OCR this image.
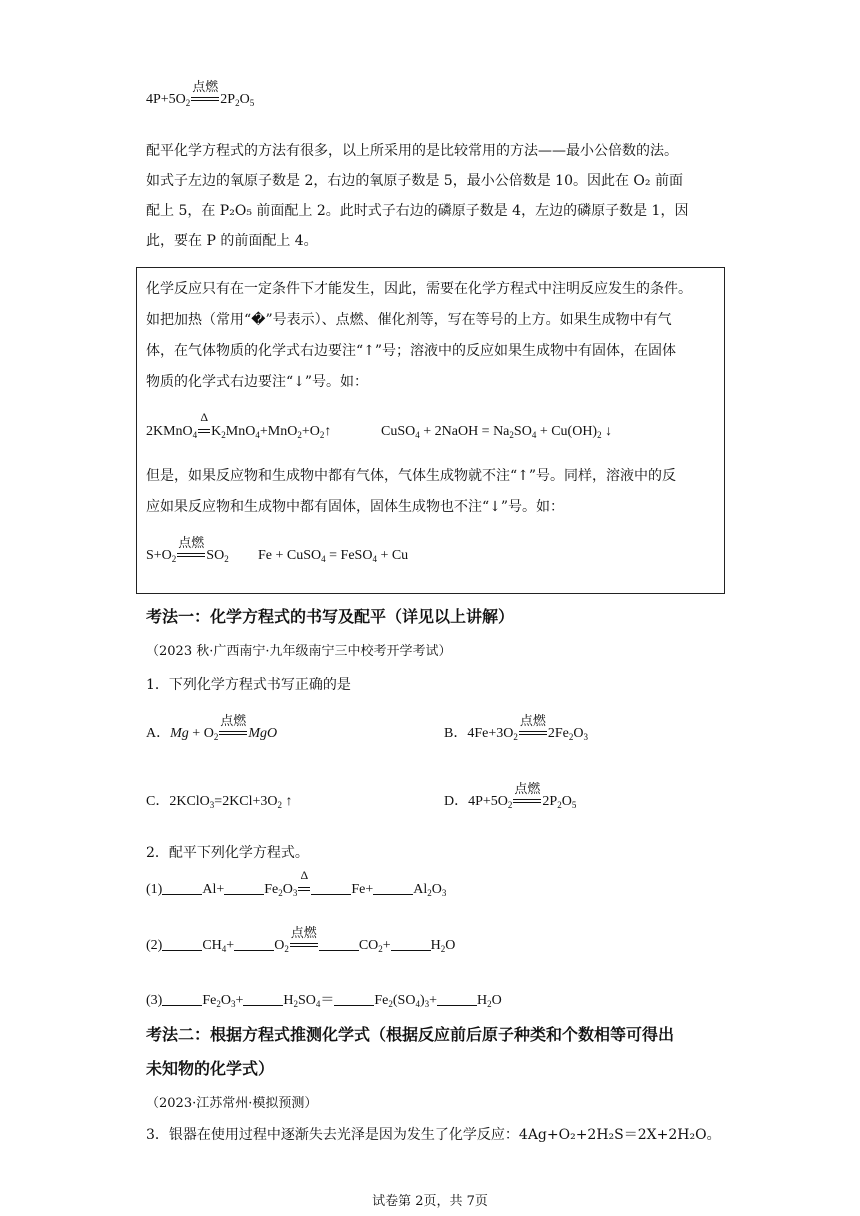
$4P+5O_2$
点燃
$2P_2O_5$
配平化学方程式的方法有很多，以上所采用的是比较常用的方法——最小公倍数的法。
如式子左边的氧原子数是 2，右边的氧原子数是 5，最小公倍数是 10。因此在 O₂ 前面
配上 5，在 P₂O₅ 前面配上 2。此时式子右边的磷原子数是 4，左边的磷原子数是 1，因
此，要在 P 的前面配上 4。
化学反应只有在一定条件下才能发生，因此，需要在化学方程式中注明反应发生的条件。
如把加热（常用“�”号表示）、点燃、催化剂等，写在等号的上方。如果生成物中有气
体，在气体物质的化学式右边要注“↑”号；溶液中的反应如果生成物中有固体，在固体
物质的化学式右边要注“↓”号。如：
2KMnO$_4$
Δ
$K_2MnO_4+MnO_2+O_2↑$	CuSO$_4$ + 2NaOH = $Na_2SO_4 + Cu(OH)_2$ ↓
但是，如果反应物和生成物中都有气体，气体生成物就不注“↑”号。同样，溶液中的反
应如果反应物和生成物中都有固体，固体生成物也不注“↓”号。如：
$S+O_2$
点燃
$SO_2$ Fe + CuSO$_4$ = FeSO$_4$ + Cu
考法一：化学方程式的书写及配平（详见以上讲解）
（2023 秋·广西南宁·九年级南宁三中校考开学考试）
1．下列化学方程式书写正确的是
A．$Mg + O_2$
点燃
MgO	B．$4Fe+3O_2$
点燃
$2Fe_2O_3$
C．$2KClO_3=2KCl+3O_2$ ↑	D．$4P+5O_2$
点燃
$2P_2O_5$
2．配平下列化学方程式。
(1)	Al+	$Fe_2O_3$
Δ
Fe+	$Al_2O_3$
(2)	$CH_4+$	$O_2$
点燃
$CO_2+$	$H_2O$
(3)	$Fe_2O_3+$	$H_2SO_4=$	$Fe_2(SO_4)_3+$	$H_2O$
考法二：根据方程式推测化学式（根据反应前后原子种类和个数相等可得出
未知物的化学式）
（2023·江苏常州·模拟预测）
3．银器在使用过程中逐渐失去光泽是因为发生了化学反应：4Ag+O₂+2H₂S＝2X+2H₂O。
试卷第 2页，共 7页
